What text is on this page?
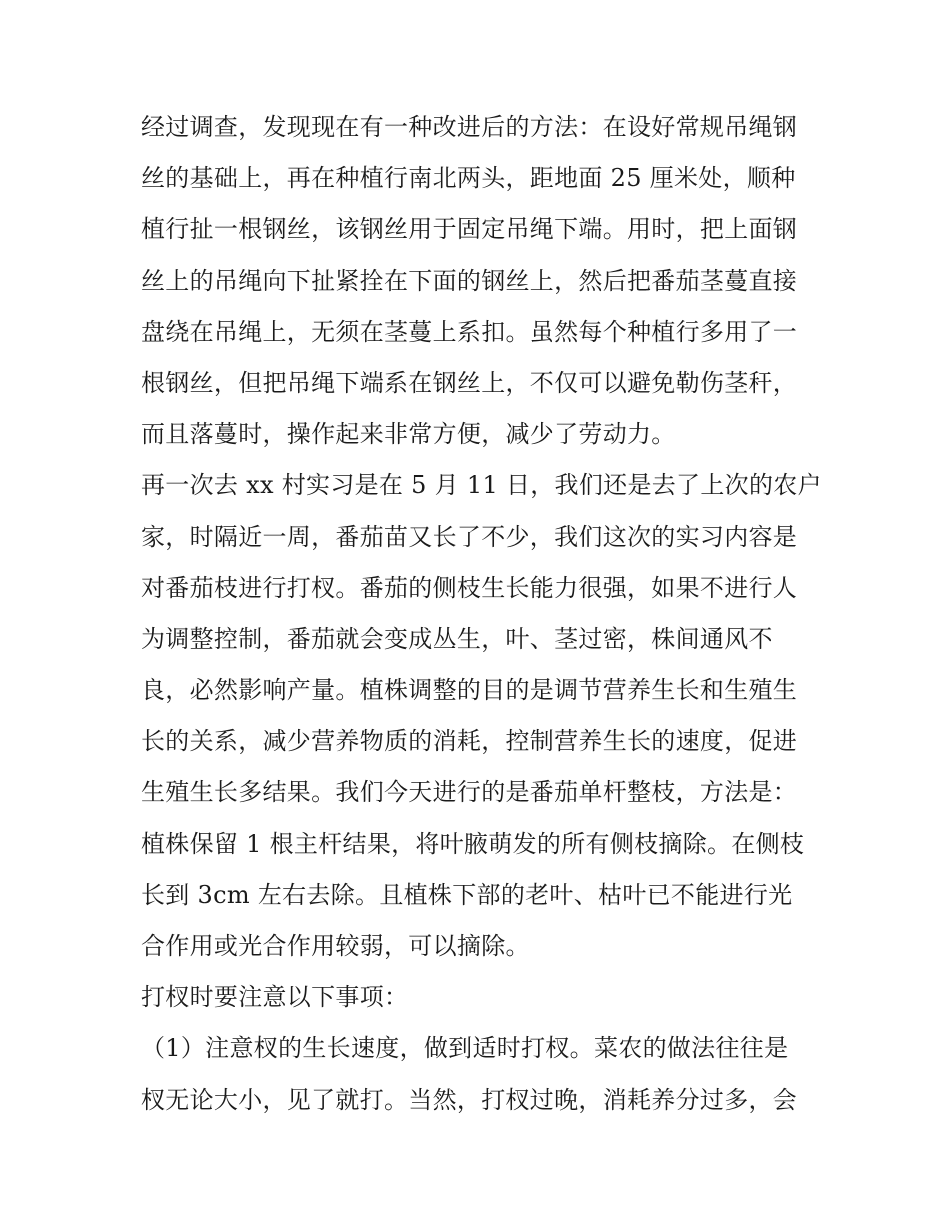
经过调查，发现现在有一种改进后的方法：在设好常规吊绳钢
丝的基础上，再在种植行南北两头，距地面 25 厘米处，顺种
植行扯一根钢丝，该钢丝用于固定吊绳下端。用时，把上面钢
丝上的吊绳向下扯紧拴在下面的钢丝上，然后把番茄茎蔓直接
盘绕在吊绳上，无须在茎蔓上系扣。虽然每个种植行多用了一
根钢丝，但把吊绳下端系在钢丝上，不仅可以避免勒伤茎秆，
而且落蔓时，操作起来非常方便，减少了劳动力。
再一次去 xx 村实习是在 5 月 11 日，我们还是去了上次的农户
家，时隔近一周，番茄苗又长了不少，我们这次的实习内容是
对番茄枝进行打杈。番茄的侧枝生长能力很强，如果不进行人
为调整控制，番茄就会变成丛生，叶、茎过密，株间通风不
良，必然影响产量。植株调整的目的是调节营养生长和生殖生
长的关系，减少营养物质的消耗，控制营养生长的速度，促进
生殖生长多结果。我们今天进行的是番茄单杆整枝，方法是：
植株保留 1 根主杆结果，将叶腋萌发的所有侧枝摘除。在侧枝
长到 3cm 左右去除。且植株下部的老叶、枯叶已不能进行光
合作用或光合作用较弱，可以摘除。
打杈时要注意以下事项：
（1）注意杈的生长速度，做到适时打杈。菜农的做法往往是
杈无论大小，见了就打。当然，打杈过晚，消耗养分过多，会
